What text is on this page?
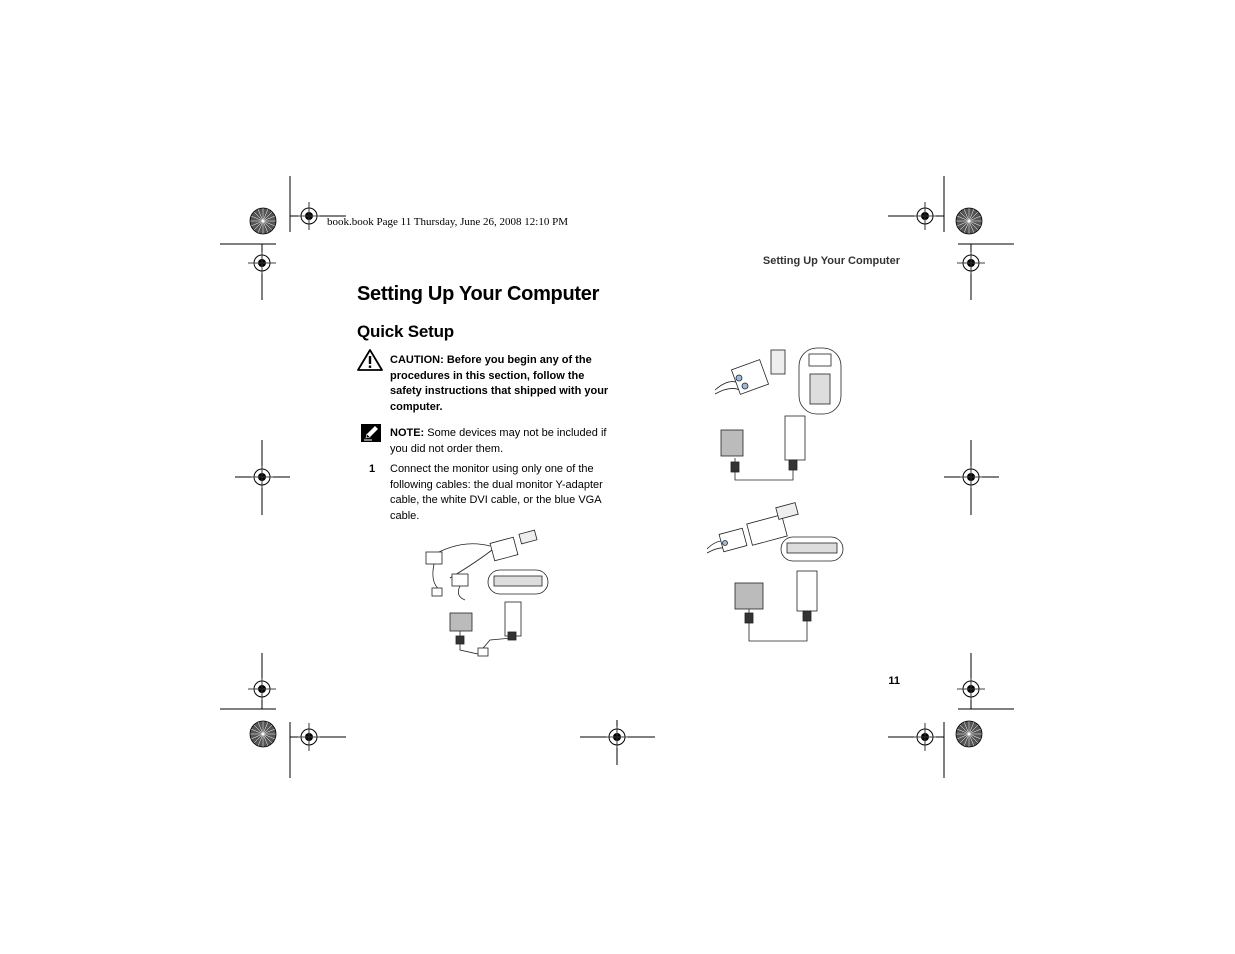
book.book Page 11 Thursday, June 26, 2008 12:10 PM
Setting Up Your Computer
Setting Up Your Computer
Quick Setup
CAUTION: Before you begin any of the procedures in this section, follow the safety instructions that shipped with your computer.
NOTE: Some devices may not be included if you did not order them.
1 Connect the monitor using only one of the following cables: the dual monitor Y-adapter cable, the white DVI cable, or the blue VGA cable.
11
